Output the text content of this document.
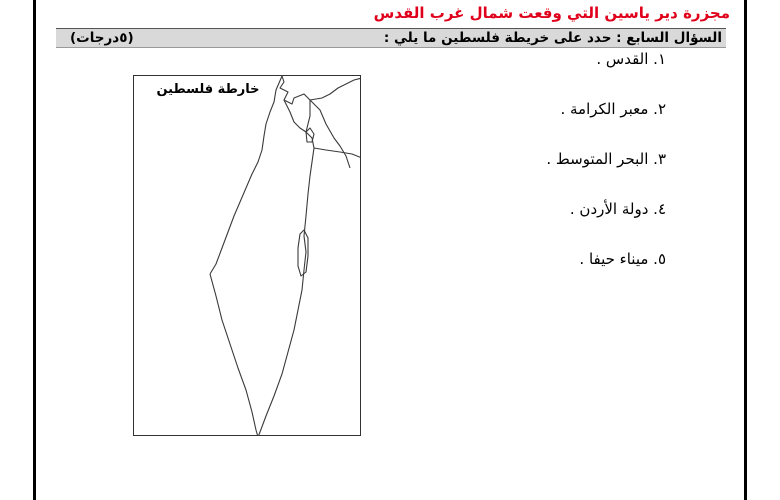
مجزرة دير ياسين التي وقعت شمال غرب القدس
السؤال السابع : حدد على خريطة فلسطين ما يلي :
(٥درجات)
١. القدس .
٢. معبر الكرامة .
٣. البحر المتوسط .
٤. دولة الأردن .
٥. ميناء حيفا .
خارطة فلسطين
